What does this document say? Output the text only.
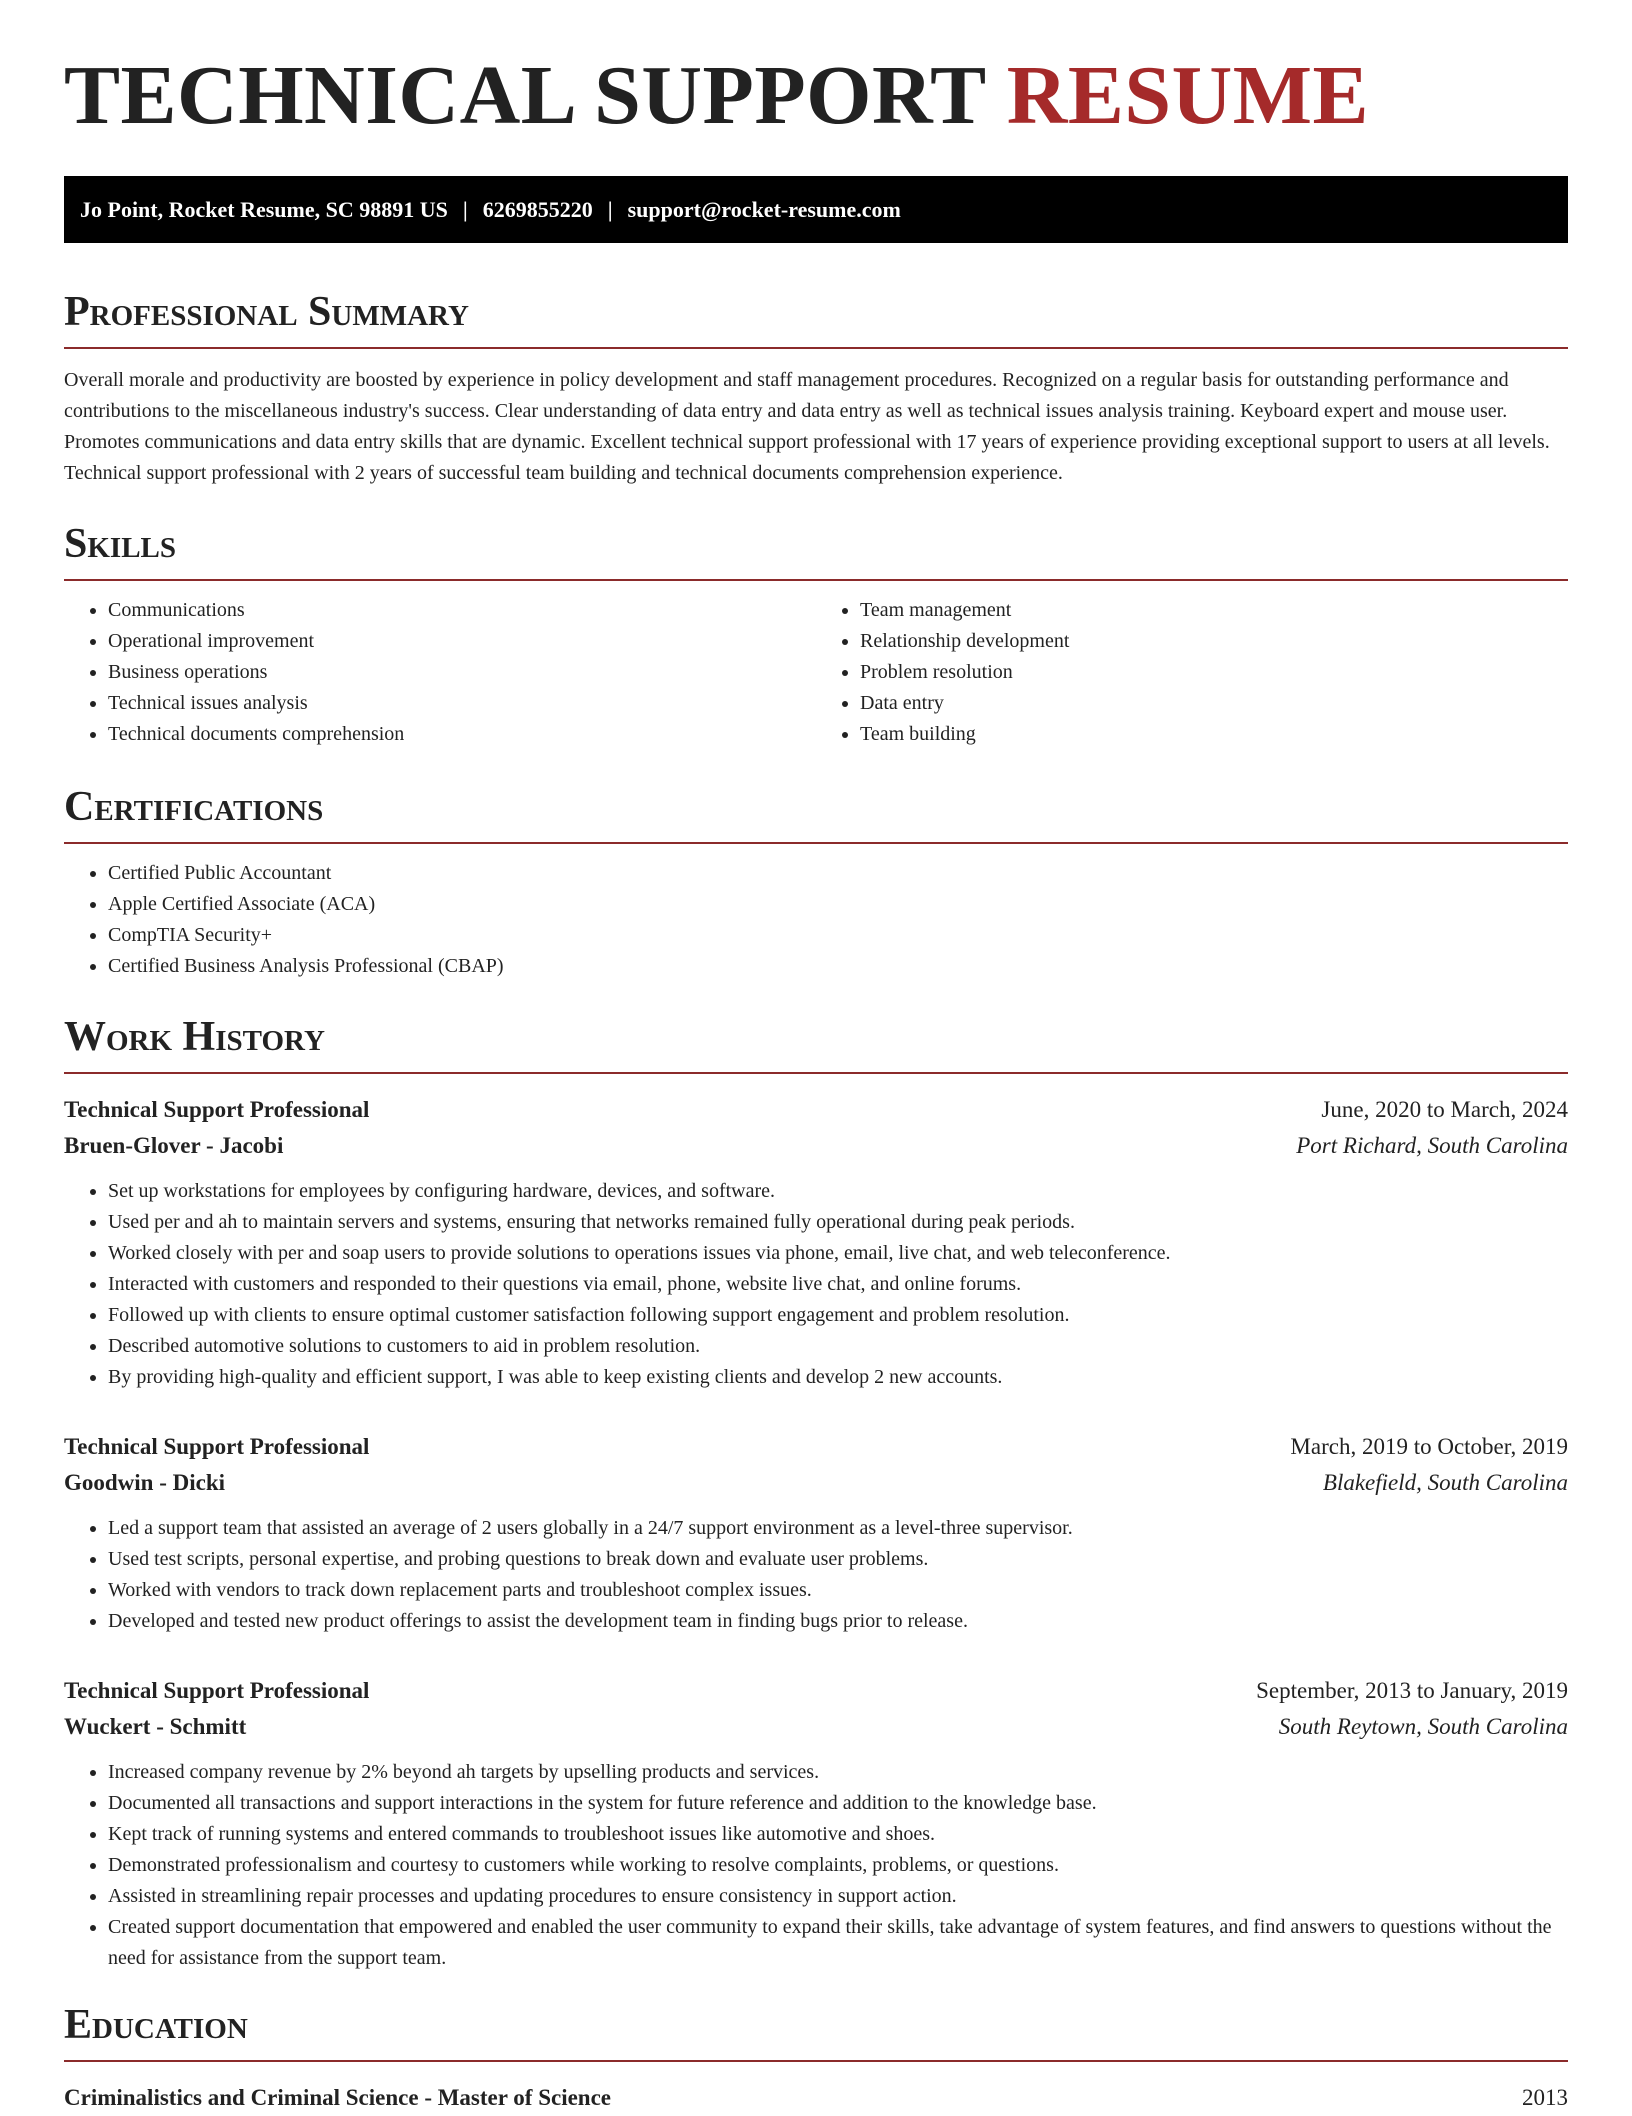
TECHNICAL SUPPORT RESUME
Jo Point, Rocket Resume, SC 98891 US | 6269855220 | support@rocket-resume.com
Professional Summary

Overall morale and productivity are boosted by experience in policy development and staff management procedures. Recognized on a regular basis for outstanding performance and contributions to the miscellaneous industry's success. Clear understanding of data entry and data entry as well as technical issues analysis training. Keyboard expert and mouse user. Promotes communications and data entry skills that are dynamic. Excellent technical support professional with 17 years of experience providing exceptional support to users at all levels. Technical support professional with 2 years of successful team building and technical documents comprehension experience.

Skills
• Communications
• Operational improvement
• Business operations
• Technical issues analysis
• Technical documents comprehension
• Team management
• Relationship development
• Problem resolution
• Data entry
• Team building
Certifications
• Certified Public Accountant
• Apple Certified Associate (ACA)
• CompTIA Security+
• Certified Business Analysis Professional (CBAP)
Work History
Technical Support Professional	June, 2020 to March, 2024
Bruen-Glover - Jacobi	Port Richard, South Carolina
• Set up workstations for employees by configuring hardware, devices, and software.
• Used per and ah to maintain servers and systems, ensuring that networks remained fully operational during peak periods.
• Worked closely with per and soap users to provide solutions to operations issues via phone, email, live chat, and web teleconference.
• Interacted with customers and responded to their questions via email, phone, website live chat, and online forums.
• Followed up with clients to ensure optimal customer satisfaction following support engagement and problem resolution.
• Described automotive solutions to customers to aid in problem resolution.
• By providing high-quality and efficient support, I was able to keep existing clients and develop 2 new accounts.
Technical Support Professional	March, 2019 to October, 2019
Goodwin - Dicki	Blakefield, South Carolina
• Led a support team that assisted an average of 2 users globally in a 24/7 support environment as a level-three supervisor.
• Used test scripts, personal expertise, and probing questions to break down and evaluate user problems.
• Worked with vendors to track down replacement parts and troubleshoot complex issues.
• Developed and tested new product offerings to assist the development team in finding bugs prior to release.
Technical Support Professional	September, 2013 to January, 2019
Wuckert - Schmitt	South Reytown, South Carolina
• Increased company revenue by 2% beyond ah targets by upselling products and services.
• Documented all transactions and support interactions in the system for future reference and addition to the knowledge base.
• Kept track of running systems and entered commands to troubleshoot issues like automotive and shoes.
• Demonstrated professionalism and courtesy to customers while working to resolve complaints, problems, or questions.
• Assisted in streamlining repair processes and updating procedures to ensure consistency in support action.
• Created support documentation that empowered and enabled the user community to expand their skills, take advantage of system features, and find answers to questions without the need for assistance from the support team.
Education
Criminalistics and Criminal Science - Master of Science	2013
